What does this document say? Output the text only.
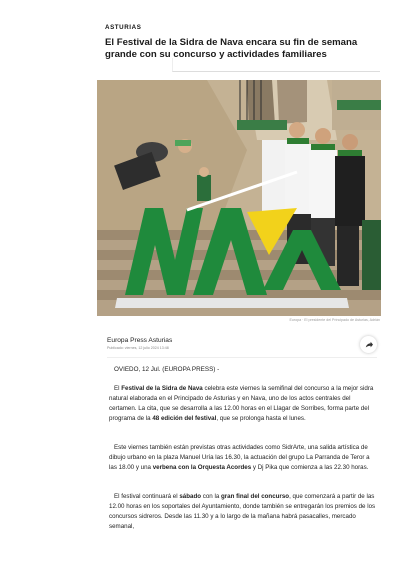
ASTURIAS
El Festival de la Sidra de Nava encara su fin de semana grande con su concurso y actividades familiares
Europa · El presidente del Principado de Asturias, Adrián
Europa Press Asturias
Publicado: viernes, 12 julio 2024 13:48
OVIEDO, 12 Jul. (EUROPA PRESS) -

El Festival de la Sidra de Nava celebra este viernes la semifinal del concurso a la mejor sidra natural elaborada en el Principado de Asturias y en Nava, uno de los actos centrales del certamen. La cita, que se desarrolla a las 12.00 horas en el Llagar de Sorribes, forma parte del programa de la 48 edición del festival, que se prolonga hasta el lunes.

Este viernes también están previstas otras actividades como SidrArte, una salida artística de dibujo urbano en la plaza Manuel Uría las 16.30, la actuación del grupo La Parranda de Teror a las 18.00 y una verbena con la Orquesta Acordes y Dj Pika que comienza a las 22.30 horas.

El festival continuará el sábado con la gran final del concurso, que comenzará a partir de las 12.00 horas en los soportales del Ayuntamiento, donde también se entregarán los premios de los concursos sidreros. Desde las 11.30 y a lo largo de la mañana habrá pasacalles, mercado semanal,
